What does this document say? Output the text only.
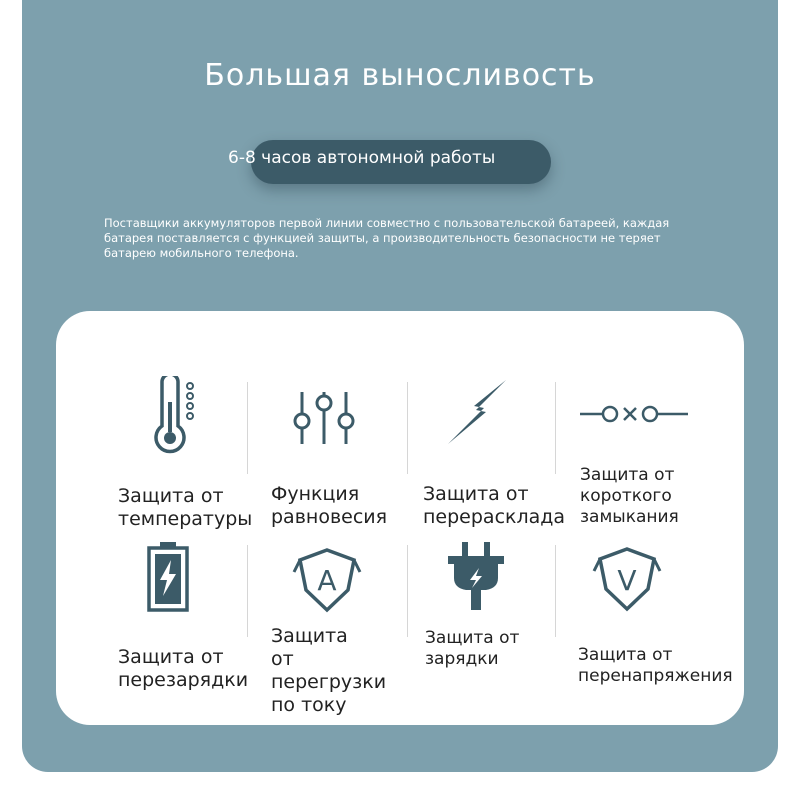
Большая выносливость
6-8 часов автономной работы
Поставщики аккумуляторов первой линии совместно с пользовательской батареей, каждая батарея поставляется с функцией защиты, а производительность безопасности не теряет батарею мобильного телефона.
Защита от
температуры
Функция
равновесия
Защита от
перераскладa
Защита от
короткого
замыкания
A	V
Защита от
перезарядки
Защита
от
перегрузки
по току
Защита от
зарядки	Защита от
перенапряжения
